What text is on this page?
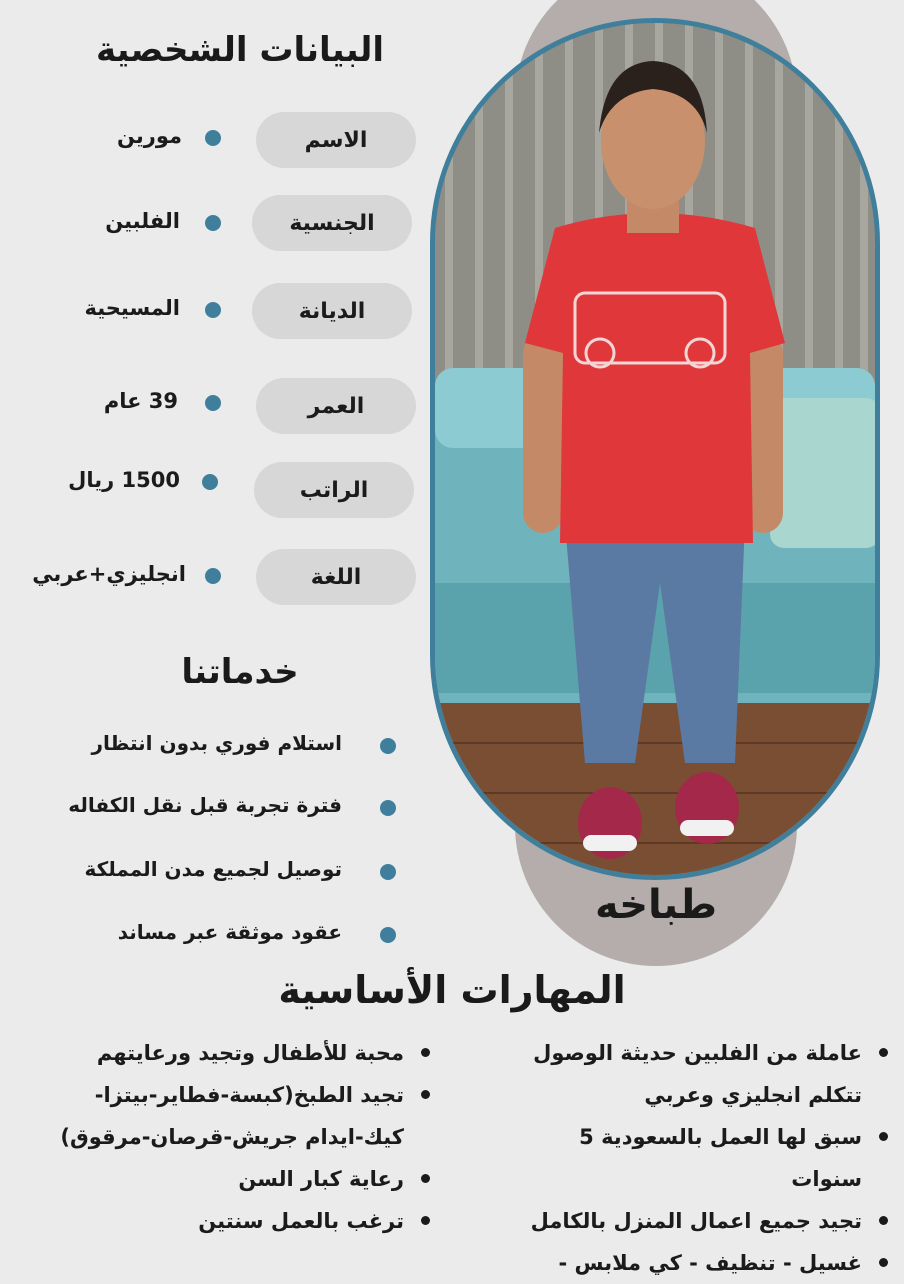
طباخه
البيانات الشخصية
الاسم
مورين
الجنسية
الفلبين
الديانة
المسيحية
العمر
39 عام
الراتب
1500 ريال
اللغة
انجليزي+عربي
خدماتنا
استلام فوري بدون انتظار
فترة تجربة قبل نقل الكفاله
توصيل لجميع مدن المملكة
عقود موثقة عبر مساند
المهارات الأساسية
عاملة من الفلبين حديثة الوصول
تتكلم انجليزي وعربي
سبق لها العمل بالسعودية 5
سنوات
تجيد جميع اعمال المنزل بالكامل
غسيل - تنظيف - كي ملابس -
محبة للأطفال وتجيد ورعايتهم
تجيد الطبخ(كبسة-فطاير-بيتزا-
كيك-ايدام جريش-قرصان-مرقوق)
رعاية كبار السن
ترغب بالعمل سنتين
